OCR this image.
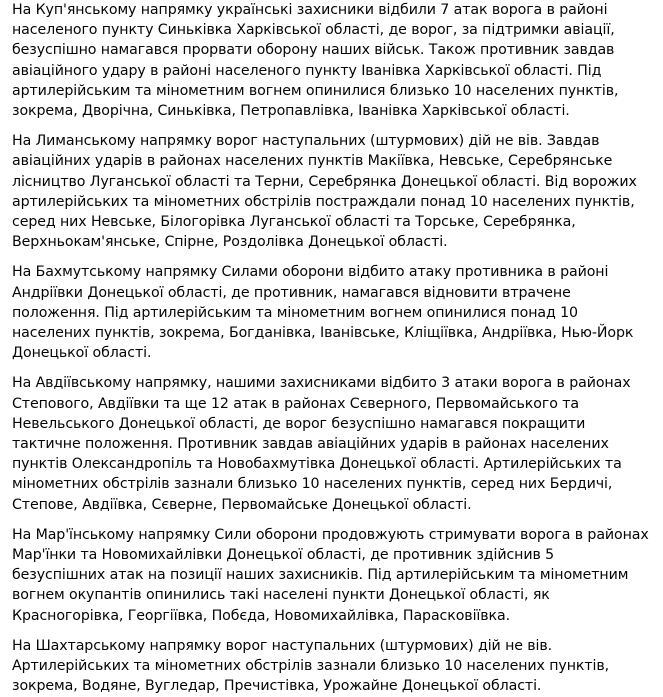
На Куп'янському напрямку українські захисники відбили 7 атак ворога в районі населеного пункту Синьківка Харківської області, де ворог, за підтримки авіації, безуспішно намагався прорвати оборону наших військ. Також противник завдав авіаційного удару в районі населеного пункту Іванівка Харківської області. Під артилерійським та мінометним вогнем опинилися близько 10 населених пунктів, зокрема, Дворічна, Синьківка, Петропавлівка, Іванівка Харківської області.

На Лиманському напрямку ворог наступальних (штурмових) дій не вів. Завдав авіаційних ударів в районах населених пунктів Макіївка, Невське, Серебрянське лісництво Луганської області та Терни, Серебрянка Донецької області. Від ворожих артилерійських та мінометних обстрілів постраждали понад 10 населених пунктів, серед них Невське, Білогорівка Луганської області та Торське, Серебрянка, Верхньокам'янське, Спірне, Роздолівка Донецької області.

На Бахмутському напрямку Силами оборони відбито атаку противника в районі Андріївки Донецької області, де противник, намагався відновити втрачене положення. Під артилерійським та мінометним вогнем опинилися понад 10 населених пунктів, зокрема, Богданівка, Іванівське, Кліщіївка, Андріївка, Нью-Йорк Донецької області.

На Авдіївському напрямку, нашими захисниками відбито 3 атаки ворога в районах Степового, Авдіївки та ще 12 атак в районах Сєверного, Первомайського та Невельського Донецької області, де ворог безуспішно намагався покращити тактичне положення. Противник завдав авіаційних ударів в районах населених пунктів Олександропіль та Новобахмутівка Донецької області. Артилерійських та мінометних обстрілів зазнали близько 10 населених пунктів, серед них Бердичі, Степове, Авдіївка, Сєверне, Первомайське Донецької області.

На Мар'їнському напрямку Сили оборони продовжують стримувати ворога в районах Мар'їнки та Новомихайлівки Донецької області, де противник здійснив 5 безуспішних атак на позиції наших захисників. Під артилерійським та мінометним вогнем окупантів опинились такі населені пункти Донецької області, як Красногорівка, Георгіївка, Побєда, Новомихайлівка, Парасковіївка.

На Шахтарському напрямку ворог наступальних (штурмових) дій не вів.    Артилерійських та мінометних обстрілів зазнали близько 10 населених пунктів, зокрема, Водяне, Вугледар, Пречистівка, Урожайне Донецької області.
